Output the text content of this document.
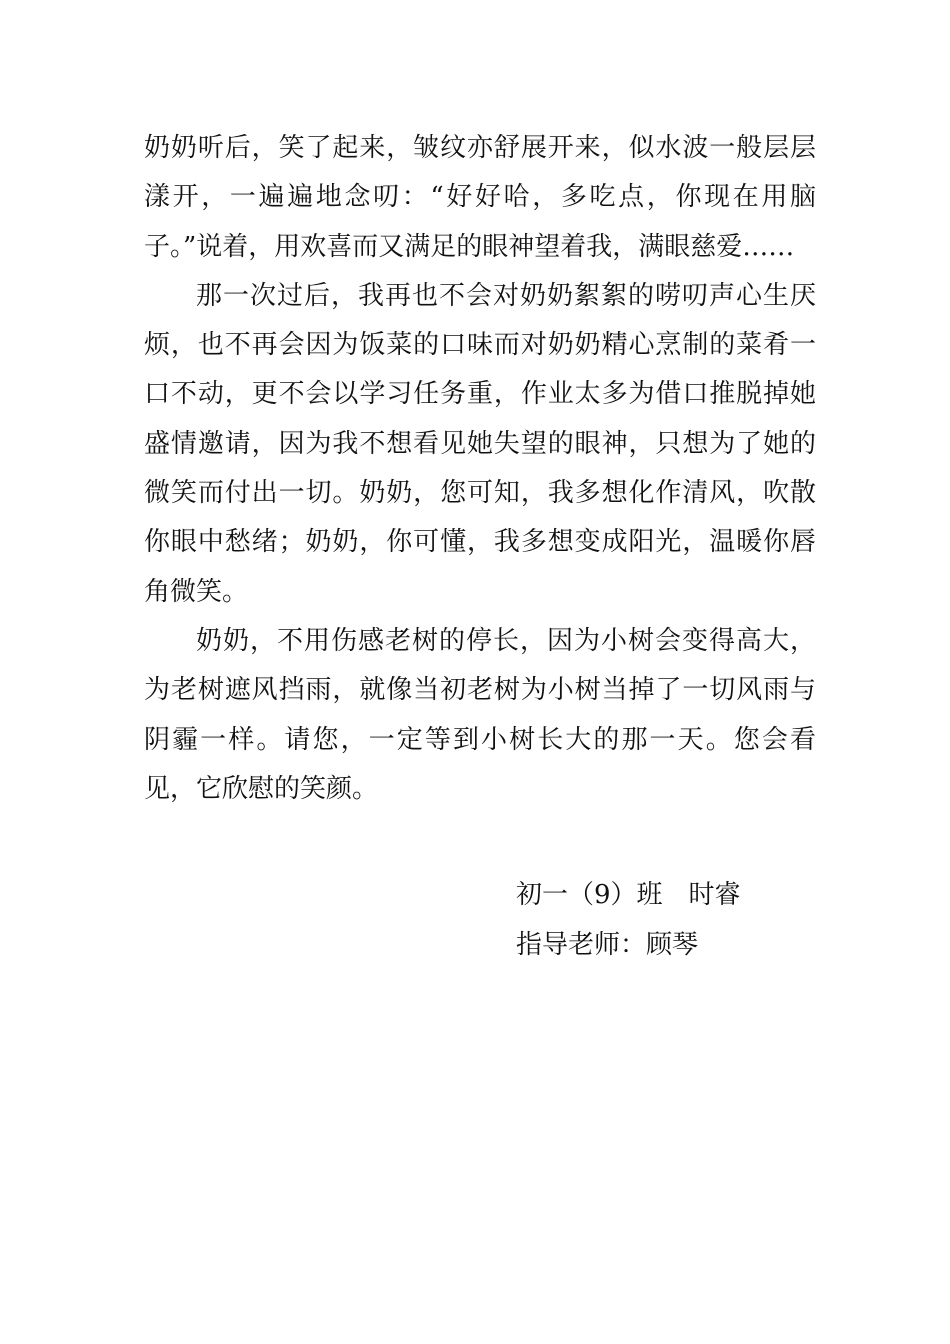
奶奶听后，笑了起来，皱纹亦舒展开来，似水波一般层层漾开，一遍遍地念叨：“好好哈，多吃点，你现在用脑子。”说着，用欢喜而又满足的眼神望着我，满眼慈爱……

那一次过后，我再也不会对奶奶絮絮的唠叨声心生厌烦，也不再会因为饭菜的口味而对奶奶精心烹制的菜肴一口不动，更不会以学习任务重，作业太多为借口推脱掉她盛情邀请，因为我不想看见她失望的眼神，只想为了她的微笑而付出一切。奶奶，您可知，我多想化作清风，吹散你眼中愁绪；奶奶，你可懂，我多想变成阳光，温暖你唇角微笑。

奶奶，不用伤感老树的停长，因为小树会变得高大，为老树遮风挡雨，就像当初老树为小树当掉了一切风雨与阴霾一样。请您，一定等到小树长大的那一天。您会看见，它欣慰的笑颜。

初一（9）班　时睿
指导老师：顾琴
